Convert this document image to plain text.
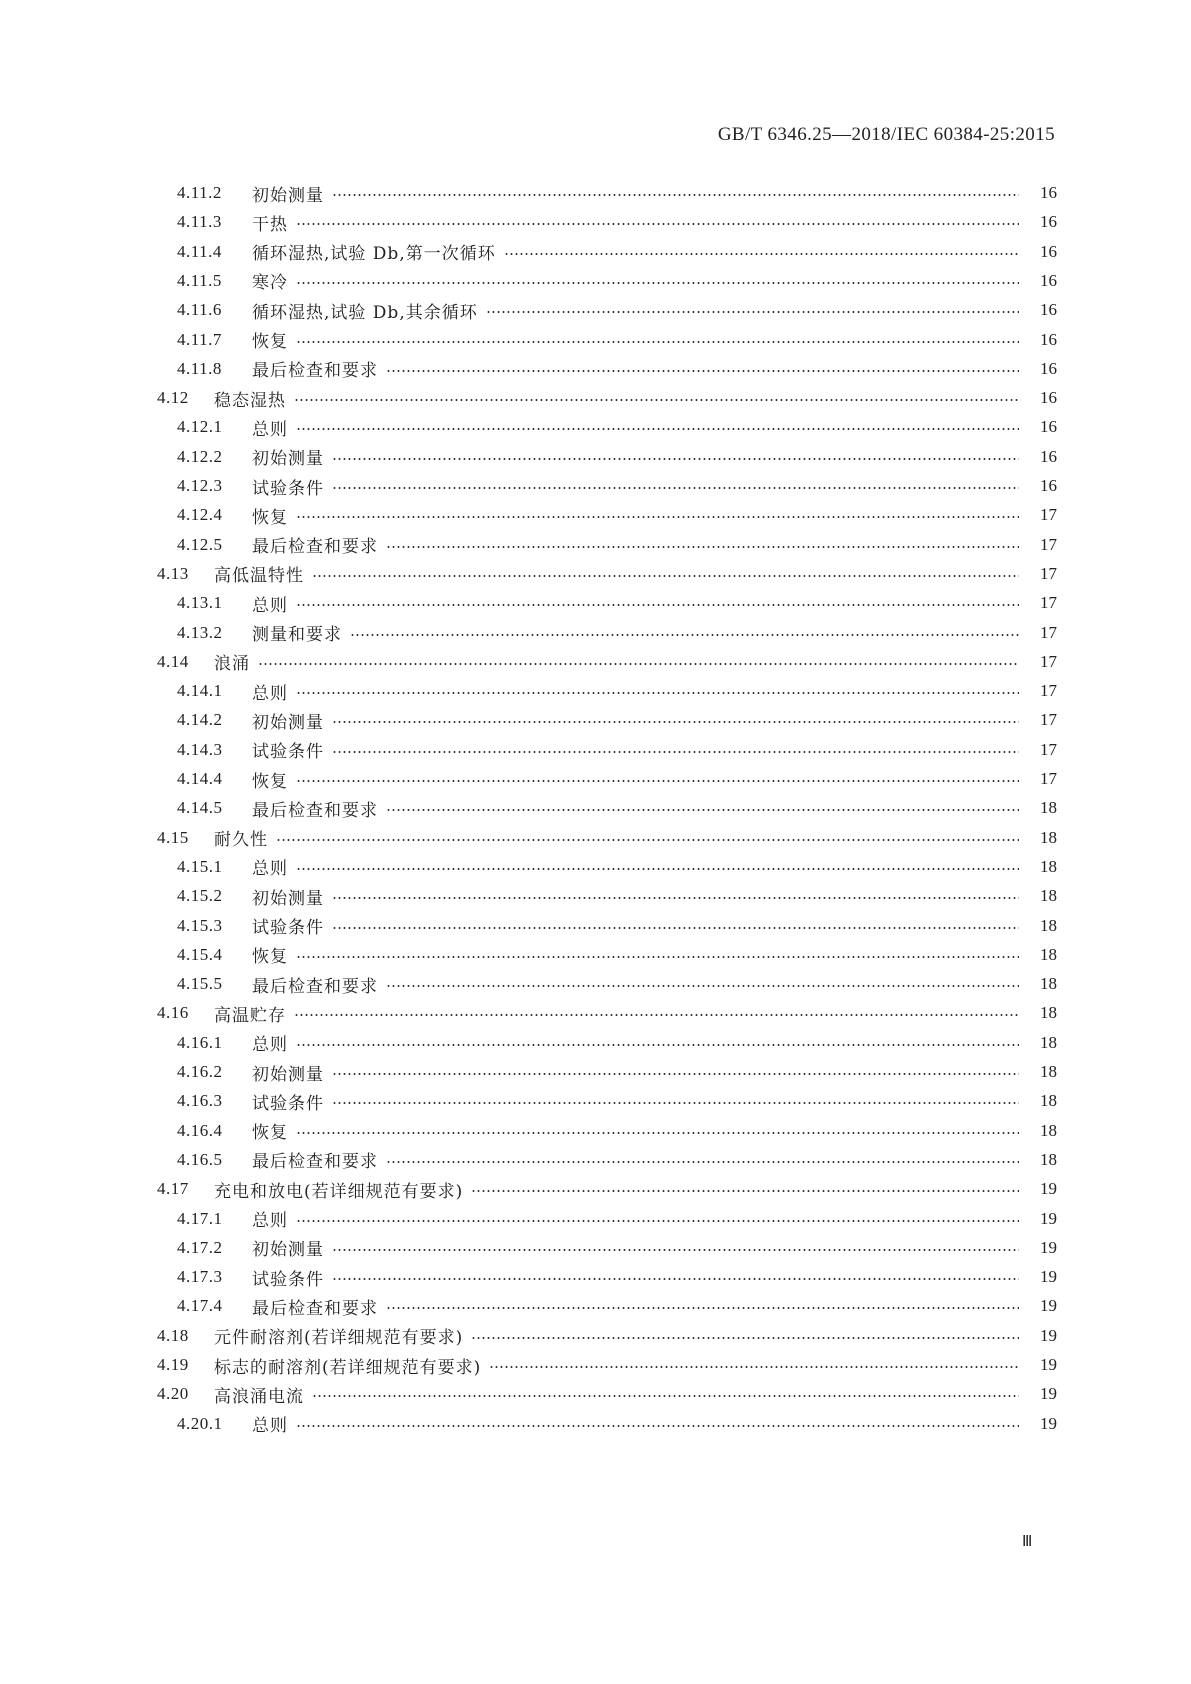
GB/T 6346.25—2018/IEC 60384-25:2015
4.11.2	初始测量	16
4.11.3	干热	16
4.11.4	循环湿热,试验 Db,第一次循环	16
4.11.5	寒冷	16
4.11.6	循环湿热,试验 Db,其余循环	16
4.11.7	恢复	16
4.11.8	最后检查和要求	16
4.12	稳态湿热	16
4.12.1	总则	16
4.12.2	初始测量	16
4.12.3	试验条件	16
4.12.4	恢复	17
4.12.5	最后检查和要求	17
4.13	高低温特性	17
4.13.1	总则	17
4.13.2	测量和要求	17
4.14	浪涌	17
4.14.1	总则	17
4.14.2	初始测量	17
4.14.3	试验条件	17
4.14.4	恢复	17
4.14.5	最后检查和要求	18
4.15	耐久性	18
4.15.1	总则	18
4.15.2	初始测量	18
4.15.3	试验条件	18
4.15.4	恢复	18
4.15.5	最后检查和要求	18
4.16	高温贮存	18
4.16.1	总则	18
4.16.2	初始测量	18
4.16.3	试验条件	18
4.16.4	恢复	18
4.16.5	最后检查和要求	18
4.17	充电和放电(若详细规范有要求)	19
4.17.1	总则	19
4.17.2	初始测量	19
4.17.3	试验条件	19
4.17.4	最后检查和要求	19
4.18	元件耐溶剂(若详细规范有要求)	19
4.19	标志的耐溶剂(若详细规范有要求)	19
4.20	高浪涌电流	19
4.20.1	总则	19
Ⅲ
